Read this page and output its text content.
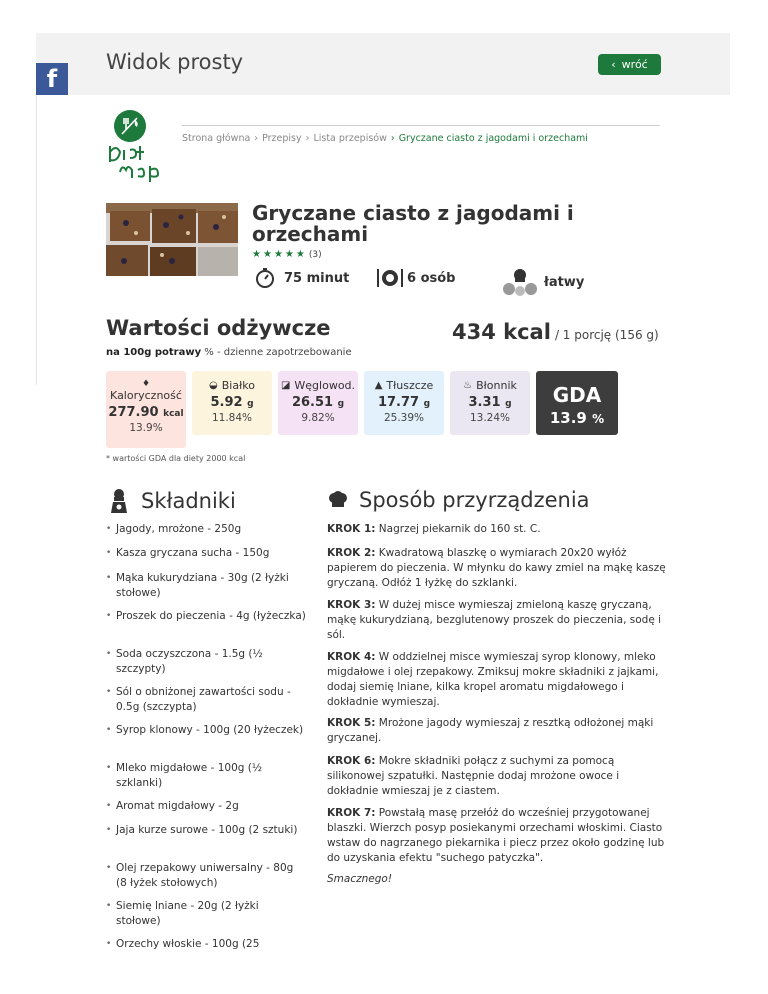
Widok prosty	‹ wróć
f
Strona główna › Przepisy › Lista przepisów › Gryczane ciasto z jagodami i orzechami
Gryczane ciasto z jagodami i orzechami
★ ★ ★ ★ ★ (3)
75 minut	6 osób	łatwy
Wartości odżywcze	434 kcal / 1 porcję (156 g)
na 100g potrawy % - dzienne zapotrzebowanie
♦
Kaloryczność
277.90 kcal
13.9%
◒ Białko
5.92 g
11.84%
◪ Węglowod.
26.51 g
9.82%
▲ Tłuszcze
17.77 g
25.39%
♨ Błonnik
3.31 g
13.24%
GDA
13.9 %
* wartości GDA dla diety 2000 kcal
Składniki	Sposób przyrządzenia
• Jagody, mrożone - 250g
• Kasza gryczana sucha - 150g
• Mąka kukurydziana - 30g (2 łyżki stołowe)
• Proszek do pieczenia - 4g (łyżeczka)
• Soda oczyszczona - 1.5g (½ szczypty)
• Sól o obniżonej zawartości sodu - 0.5g (szczypta)
• Syrop klonowy - 100g (20 łyżeczek)
• Mleko migdałowe - 100g (½ szklanki)
• Aromat migdałowy - 2g
• Jaja kurze surowe - 100g (2 sztuki)
• Olej rzepakowy uniwersalny - 80g (8 łyżek stołowych)
• Siemię lniane - 20g (2 łyżki stołowe)
• Orzechy włoskie - 100g (25

KROK 1: Nagrzej piekarnik do 160 st. C.

KROK 2: Kwadratową blaszkę o wymiarach 20x20 wyłóż papierem do pieczenia. W młynku do kawy zmiel na mąkę kaszę gryczaną. Odłóż 1 łyżkę do szklanki.

KROK 3: W dużej misce wymieszaj zmieloną kaszę gryczaną, mąkę kukurydzianą, bezglutenowy proszek do pieczenia, sodę i sól.

KROK 4: W oddzielnej misce wymieszaj syrop klonowy, mleko migdałowe i olej rzepakowy. Zmiksuj mokre składniki z jajkami, dodaj siemię lniane, kilka kropel aromatu migdałowego i dokładnie wymieszaj.

KROK 5: Mrożone jagody wymieszaj z resztką odłożonej mąki gryczanej.

KROK 6: Mokre składniki połącz z suchymi za pomocą silikonowej szpatułki. Następnie dodaj mrożone owoce i dokładnie wmieszaj je z ciastem.

KROK 7: Powstałą masę przełóż do wcześniej przygotowanej blaszki. Wierzch posyp posiekanymi orzechami włoskimi. Ciasto wstaw do nagrzanego piekarnika i piecz przez około godzinę lub do uzyskania efektu "suchego patyczka".

Smacznego!
